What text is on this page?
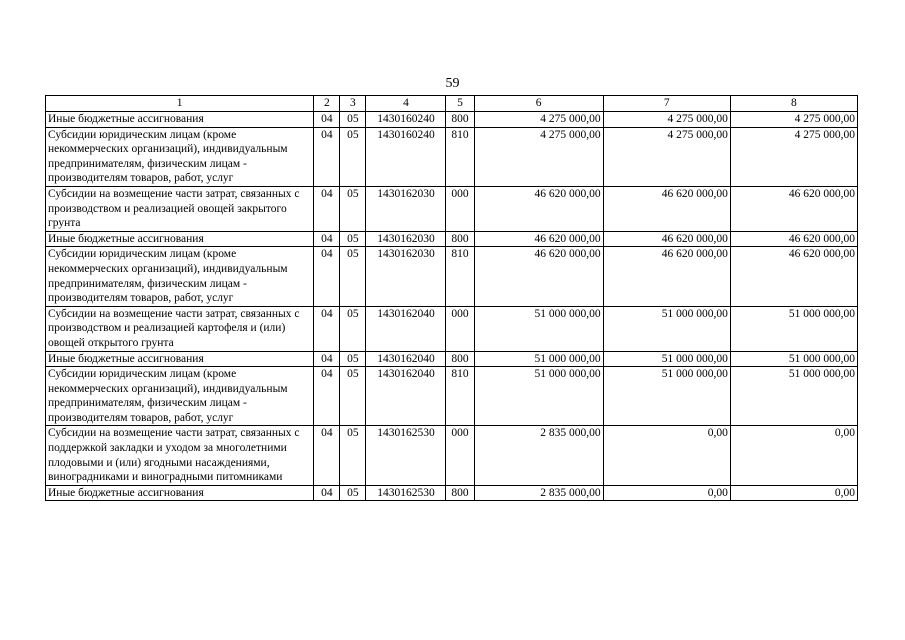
59
1	2	3	4	5	6	7	8
Иные бюджетные ассигнования	04	05	1430160240	800	4 275 000,00	4 275 000,00	4 275 000,00
Субсидии юридическим лицам (кроме некоммерческих организаций), индивидуальным предпринимателям, физическим лицам - производителям товаров, работ, услуг	04	05	1430160240	810	4 275 000,00	4 275 000,00	4 275 000,00
Субсидии на возмещение части затрат, связанных с производством и реализацией овощей закрытого грунта	04	05	1430162030	000	46 620 000,00	46 620 000,00	46 620 000,00
Иные бюджетные ассигнования	04	05	1430162030	800	46 620 000,00	46 620 000,00	46 620 000,00
Субсидии юридическим лицам (кроме некоммерческих организаций), индивидуальным предпринимателям, физическим лицам - производителям товаров, работ, услуг	04	05	1430162030	810	46 620 000,00	46 620 000,00	46 620 000,00
Субсидии на возмещение части затрат, связанных с производством и реализацией картофеля и (или) овощей открытого грунта	04	05	1430162040	000	51 000 000,00	51 000 000,00	51 000 000,00
Иные бюджетные ассигнования	04	05	1430162040	800	51 000 000,00	51 000 000,00	51 000 000,00
Субсидии юридическим лицам (кроме некоммерческих организаций), индивидуальным предпринимателям, физическим лицам - производителям товаров, работ, услуг	04	05	1430162040	810	51 000 000,00	51 000 000,00	51 000 000,00
Субсидии на возмещение части затрат, связанных с поддержкой закладки и уходом за многолетними плодовыми и (или) ягодными насаждениями, виноградниками и виноградными питомниками	04	05	1430162530	000	2 835 000,00	0,00	0,00
Иные бюджетные ассигнования	04	05	1430162530	800	2 835 000,00	0,00	0,00
